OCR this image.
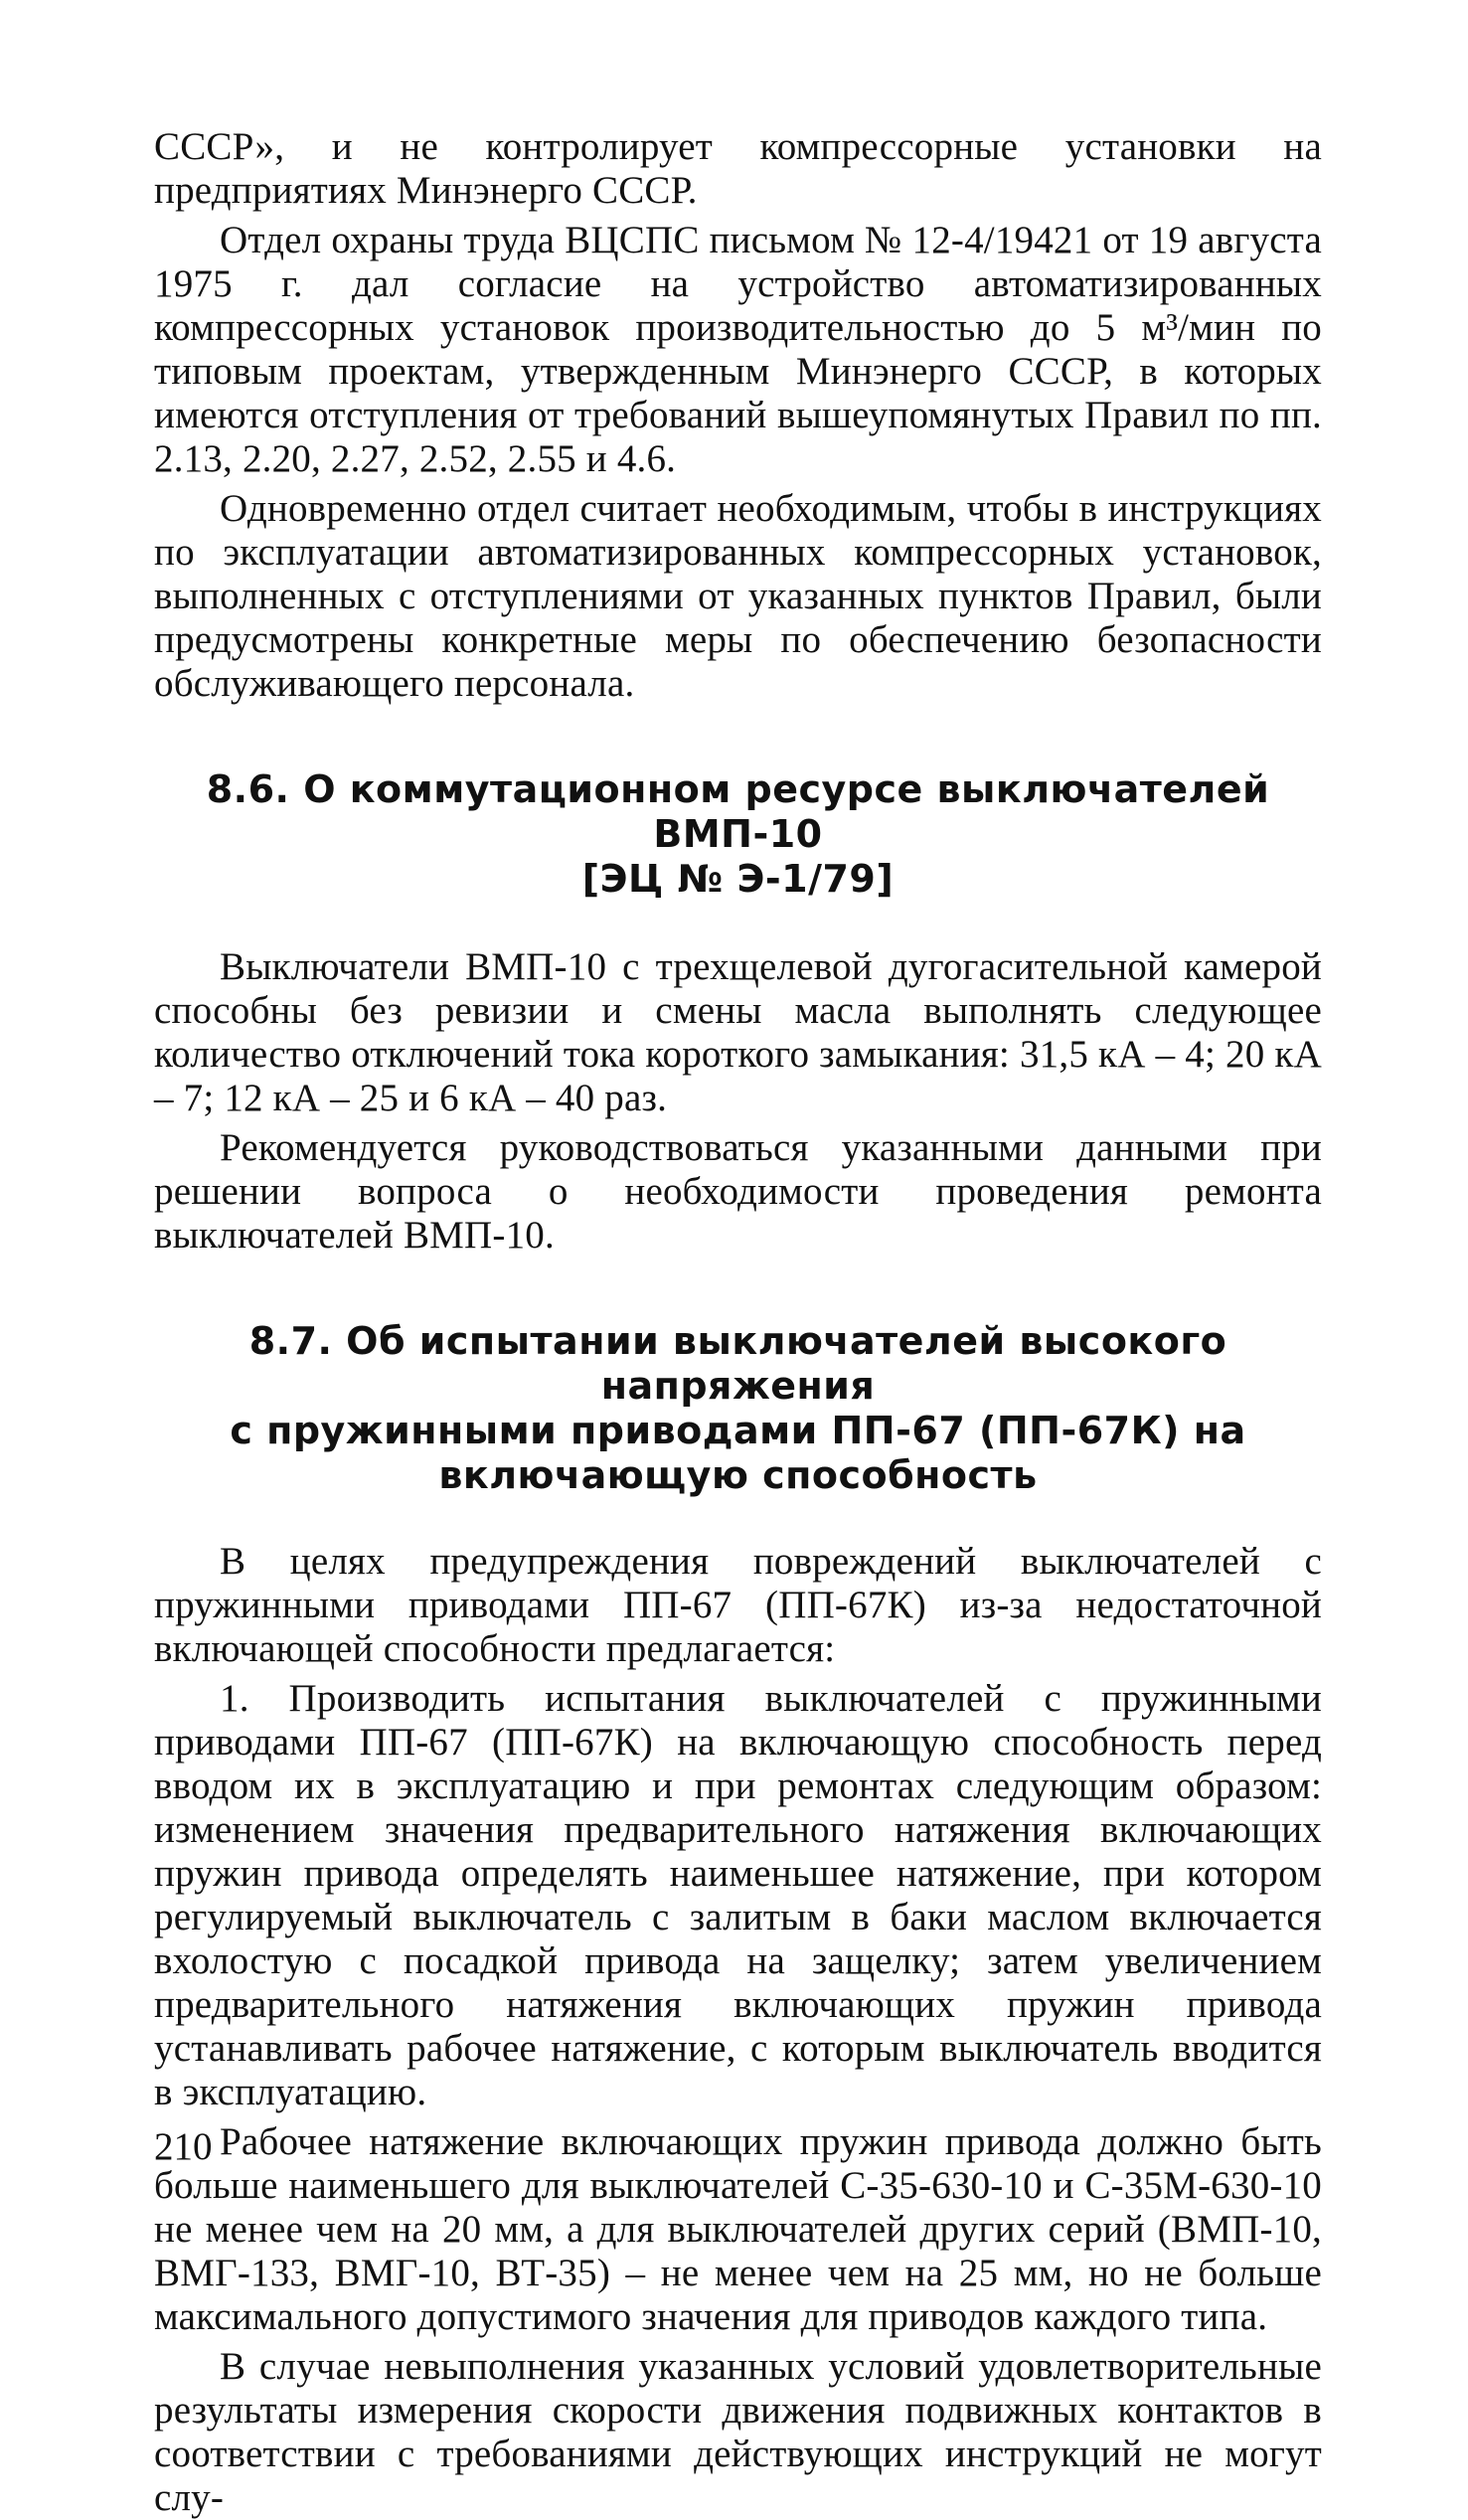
СССР», и не контролирует компрессорные установки на предприятиях Минэнерго СССР.

Отдел охраны труда ВЦСПС письмом № 12-4/19421 от 19 августа 1975 г. дал согласие на устройство автоматизированных компрессорных установок производительностью до 5 м³/мин по типовым проектам, утвержденным Минэнерго СССР, в которых имеются отступления от требований вышеупомянутых Правил по пп. 2.13, 2.20, 2.27, 2.52, 2.55 и 4.6.

Одновременно отдел считает необходимым, чтобы в инструкциях по эксплуатации автоматизированных компрессорных установок, выполненных с отступлениями от указанных пунктов Правил, были предусмотрены конкретные меры по обеспечению безопасности обслуживающего персонала.

8.6. О коммутационном ресурсе выключателей ВМП-10

[ЭЦ № Э-1/79]

Выключатели ВМП-10 с трехщелевой дугогасительной камерой способны без ревизии и смены масла выполнять следующее количество отключений тока короткого замыкания: 31,5 кА – 4; 20 кА – 7; 12 кА – 25 и 6 кА – 40 раз.

Рекомендуется руководствоваться указанными данными при решении вопроса о необходимости проведения ремонта выключателей ВМП-10.

8.7. Об испытании выключателей высокого напряжения

с пружинными приводами ПП-67 (ПП-67К) на

включающую способность

В целях предупреждения повреждений выключателей с пружинными приводами ПП-67 (ПП-67К) из-за недостаточной включающей способности предлагается:

1. Производить испытания выключателей с пружинными приводами ПП-67 (ПП-67К) на включающую способность перед вводом их в эксплуатацию и при ремонтах следующим образом: изменением значения предварительного натяжения включающих пружин привода определять наименьшее натяжение, при котором регулируемый выключатель с залитым в баки маслом включается вхолостую с посадкой привода на защелку; затем увеличением предварительного натяжения включающих пружин привода устанавливать рабочее натяжение, с которым выключатель вводится в эксплуатацию.

Рабочее натяжение включающих пружин привода должно быть больше наименьшего для выключателей С-35-630-10 и С-35М-630-10 не менее чем на 20 мм, а для выключателей других серий (ВМП-10, ВМГ-133, ВМГ-10, ВТ-35) – не менее чем на 25 мм, но не больше максимального допустимого значения для приводов каждого типа.

В случае невыполнения указанных условий удовлетворительные результаты измерения скорости движения подвижных контактов в соответствии с требованиями действующих инструкций не могут слу-

210
